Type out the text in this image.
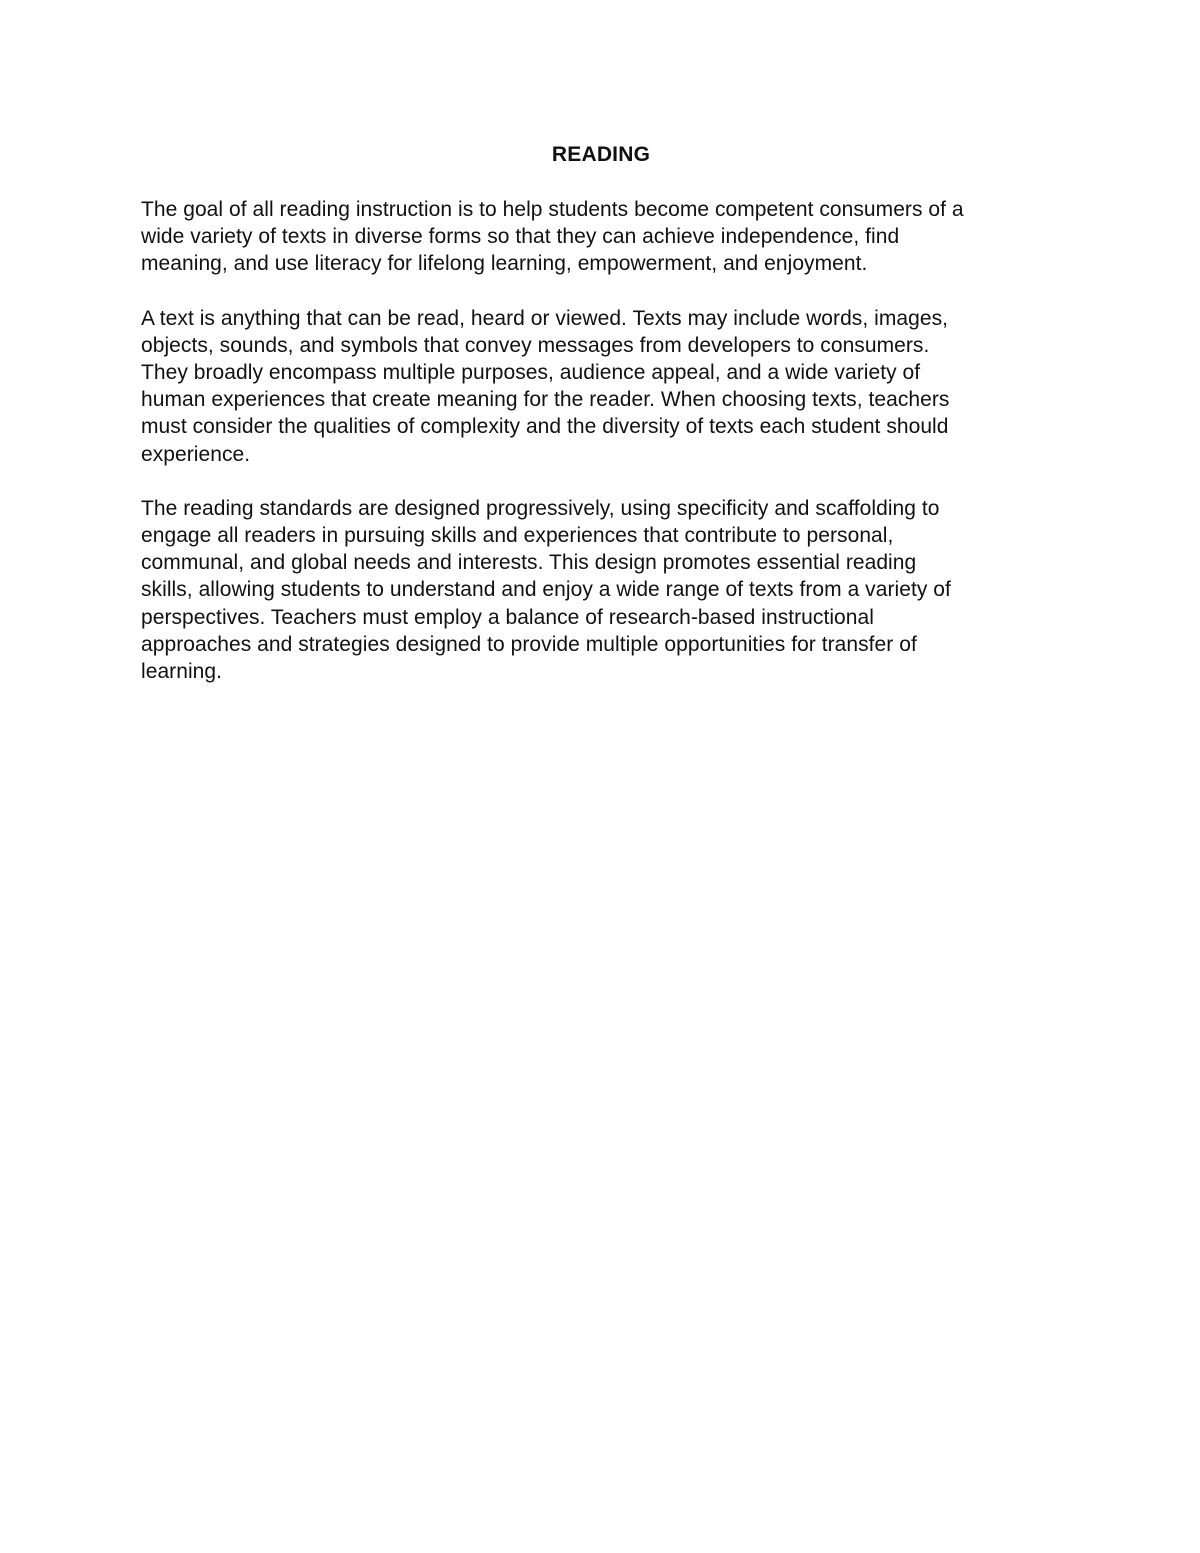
READING
The goal of all reading instruction is to help students become competent consumers of a
wide variety of texts in diverse forms so that they can achieve independence, find
meaning, and use literacy for lifelong learning, empowerment, and enjoyment.
A text is anything that can be read, heard or viewed. Texts may include words, images,
objects, sounds, and symbols that convey messages from developers to consumers.
They broadly encompass multiple purposes, audience appeal, and a wide variety of
human experiences that create meaning for the reader. When choosing texts, teachers
must consider the qualities of complexity and the diversity of texts each student should
experience.
The reading standards are designed progressively, using specificity and scaffolding to
engage all readers in pursuing skills and experiences that contribute to personal,
communal, and global needs and interests. This design promotes essential reading
skills, allowing students to understand and enjoy a wide range of texts from a variety of
perspectives. Teachers must employ a balance of research-based instructional
approaches and strategies designed to provide multiple opportunities for transfer of
learning.
